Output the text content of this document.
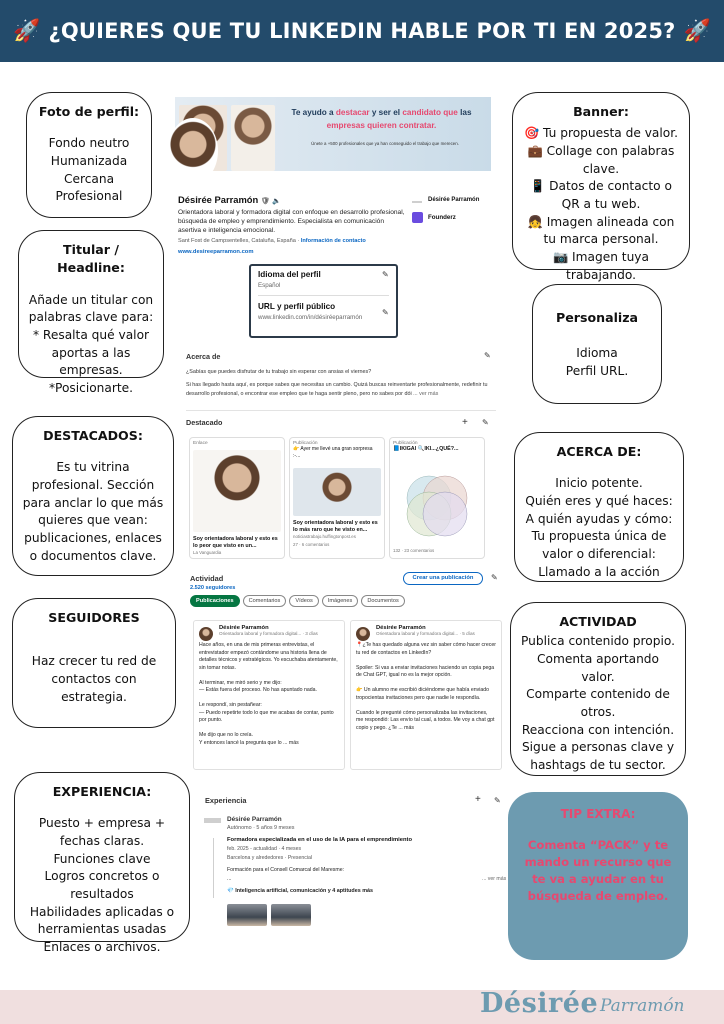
🚀 ¿QUIERES QUE TU LINKEDIN HABLE POR TI EN 2025? 🚀
Foto de perfil:
Fondo neutro
Humanizada
Cercana
Profesional
Titular / Headline:
Añade un titular con palabras clave para:
* Resalta qué valor aportas a las empresas.
*Posicionarte.
DESTACADOS:
Es tu vitrina profesional. Sección para anclar lo que más quieres que vean: publicaciones, enlaces o documentos clave.
SEGUIDORES
Haz crecer tu red de contactos con estrategia.
EXPERIENCIA:
Puesto + empresa + fechas claras.
Funciones clave
Logros concretos o resultados
Habilidades aplicadas o herramientas usadas
Enlaces o archivos.
Banner:
🎯 Tu propuesta de valor.
💼 Collage con palabras clave.
📱 Datos de contacto o QR a tu web.
👧 Imagen alineada con tu marca personal.
📷 Imagen tuya trabajando.
Personaliza
Idioma
Perfil URL.
ACERCA DE:
Inicio potente.
Quién eres y qué haces:
A quién ayudas y cómo:
Tu propuesta única de valor o diferencial:
Llamado a la acción
ACTIVIDAD
Publica contenido propio.
Comenta aportando valor.
Comparte contenido de otros.
Reacciona con intención.
Sigue a personas clave y hashtags de tu sector.
TIP EXTRA:
Comenta “PACK” y te mando un recurso que te va a ayudar en tu búsqueda de empleo.
Te ayudo a destacar y ser el candidato que las
empresas quieren contratar.
Únete a +500 profesionales que ya han conseguido el trabajo que merecen.
Désirée Parramón 🛡 🔈
Orientadora laboral y formadora digital con enfoque en desarrollo profesional, búsqueda de empleo y emprendimiento. Especialista en comunicación asertiva e inteligencia emocional.
Sant Fost de Campsentelles, Cataluña, España · Información de contacto
www.desireeparramon.com
Désirée Parramón
Founderz
Idioma del perfil
Español
URL y perfil público
www.linkedin.com/in/désiréeparramón
✎
✎
Acerca de	✎
¿Sabías que puedes disfrutar de tu trabajo sin esperar con ansias el viernes?
Si has llegado hasta aquí, es porque sabes que necesitas un cambio. Quizá buscas reinventarte profesionalmente, redefinir tu desarrollo profesional, o encontrar ese empleo que te haga sentir pleno, pero no sabes por dói ... ver más
Destacado	+ ✎
Enlace
Soy orientadora laboral y esto es lo peor que visto en un...
La Vanguardia
Publicación
👉 Ayer me llevé una gran sorpresa :-...
Soy orientadora laboral y esto es lo más raro que he visto en...
noticiastrabajo.huffingtonpost.es
27 · 6 comentarios
Publicación
📘IKIGAI 🔍IKI...¿QUÉ?...
132 · 23 comentarios
Actividad
2.520 seguidores
Crear una publicación	✎
Publicaciones	Comentarios	Vídeos	Imágenes	Documentos
Désirée Parramón
Orientadora laboral y formadora digital... · 3 días
Hace años, en una de mis primeras entrevistas, el entrevistador empezó contándome una historia llena de detalles técnicos y estratégicos. Yo escuchaba atentamente, sin tomar notas.

Al terminar, me miró serio y me dijo:
— Estás fuera del proceso. No has apuntado nada.

Le respondí, sin pestañear:
— Puedo repetirte todo lo que me acabas de contar, punto por punto.

Me dijo que no lo creía.
Y entonces lancé la pregunta que lo ... más
Désirée Parramón
Orientadora laboral y formadora digital... · 5 días
📍¿Te has quedado alguna vez sin saber cómo hacer crecer tu red de contactos en LinkedIn?

Spoiler: Si vas a enviar invitaciones haciendo un copia pega de Chat GPT, igual no es la mejor opción.

👉 Un alumno me escribió diciéndome que había enviado tropocientas invitaciones pero que nadie le respondía.

Cuando le pregunté cómo personalizaba las invitaciones, me respondió: Las envío tal cual, a todos. Me voy a chat gpt copio y pego. ¿Te ... más
Experiencia	+ ✎
Désirée Parramón
Autónomo · 5 años 9 meses
Formadora especializada en el uso de la IA para el emprendimiento
feb. 2025 - actualidad · 4 meses
Barcelona y alrededores · Presencial
Formación para el Consell Comarcal del Maresme:
...	... ver más
💎 Inteligencia artificial, comunicación y 4 aptitudes más
Désirée Parramón
